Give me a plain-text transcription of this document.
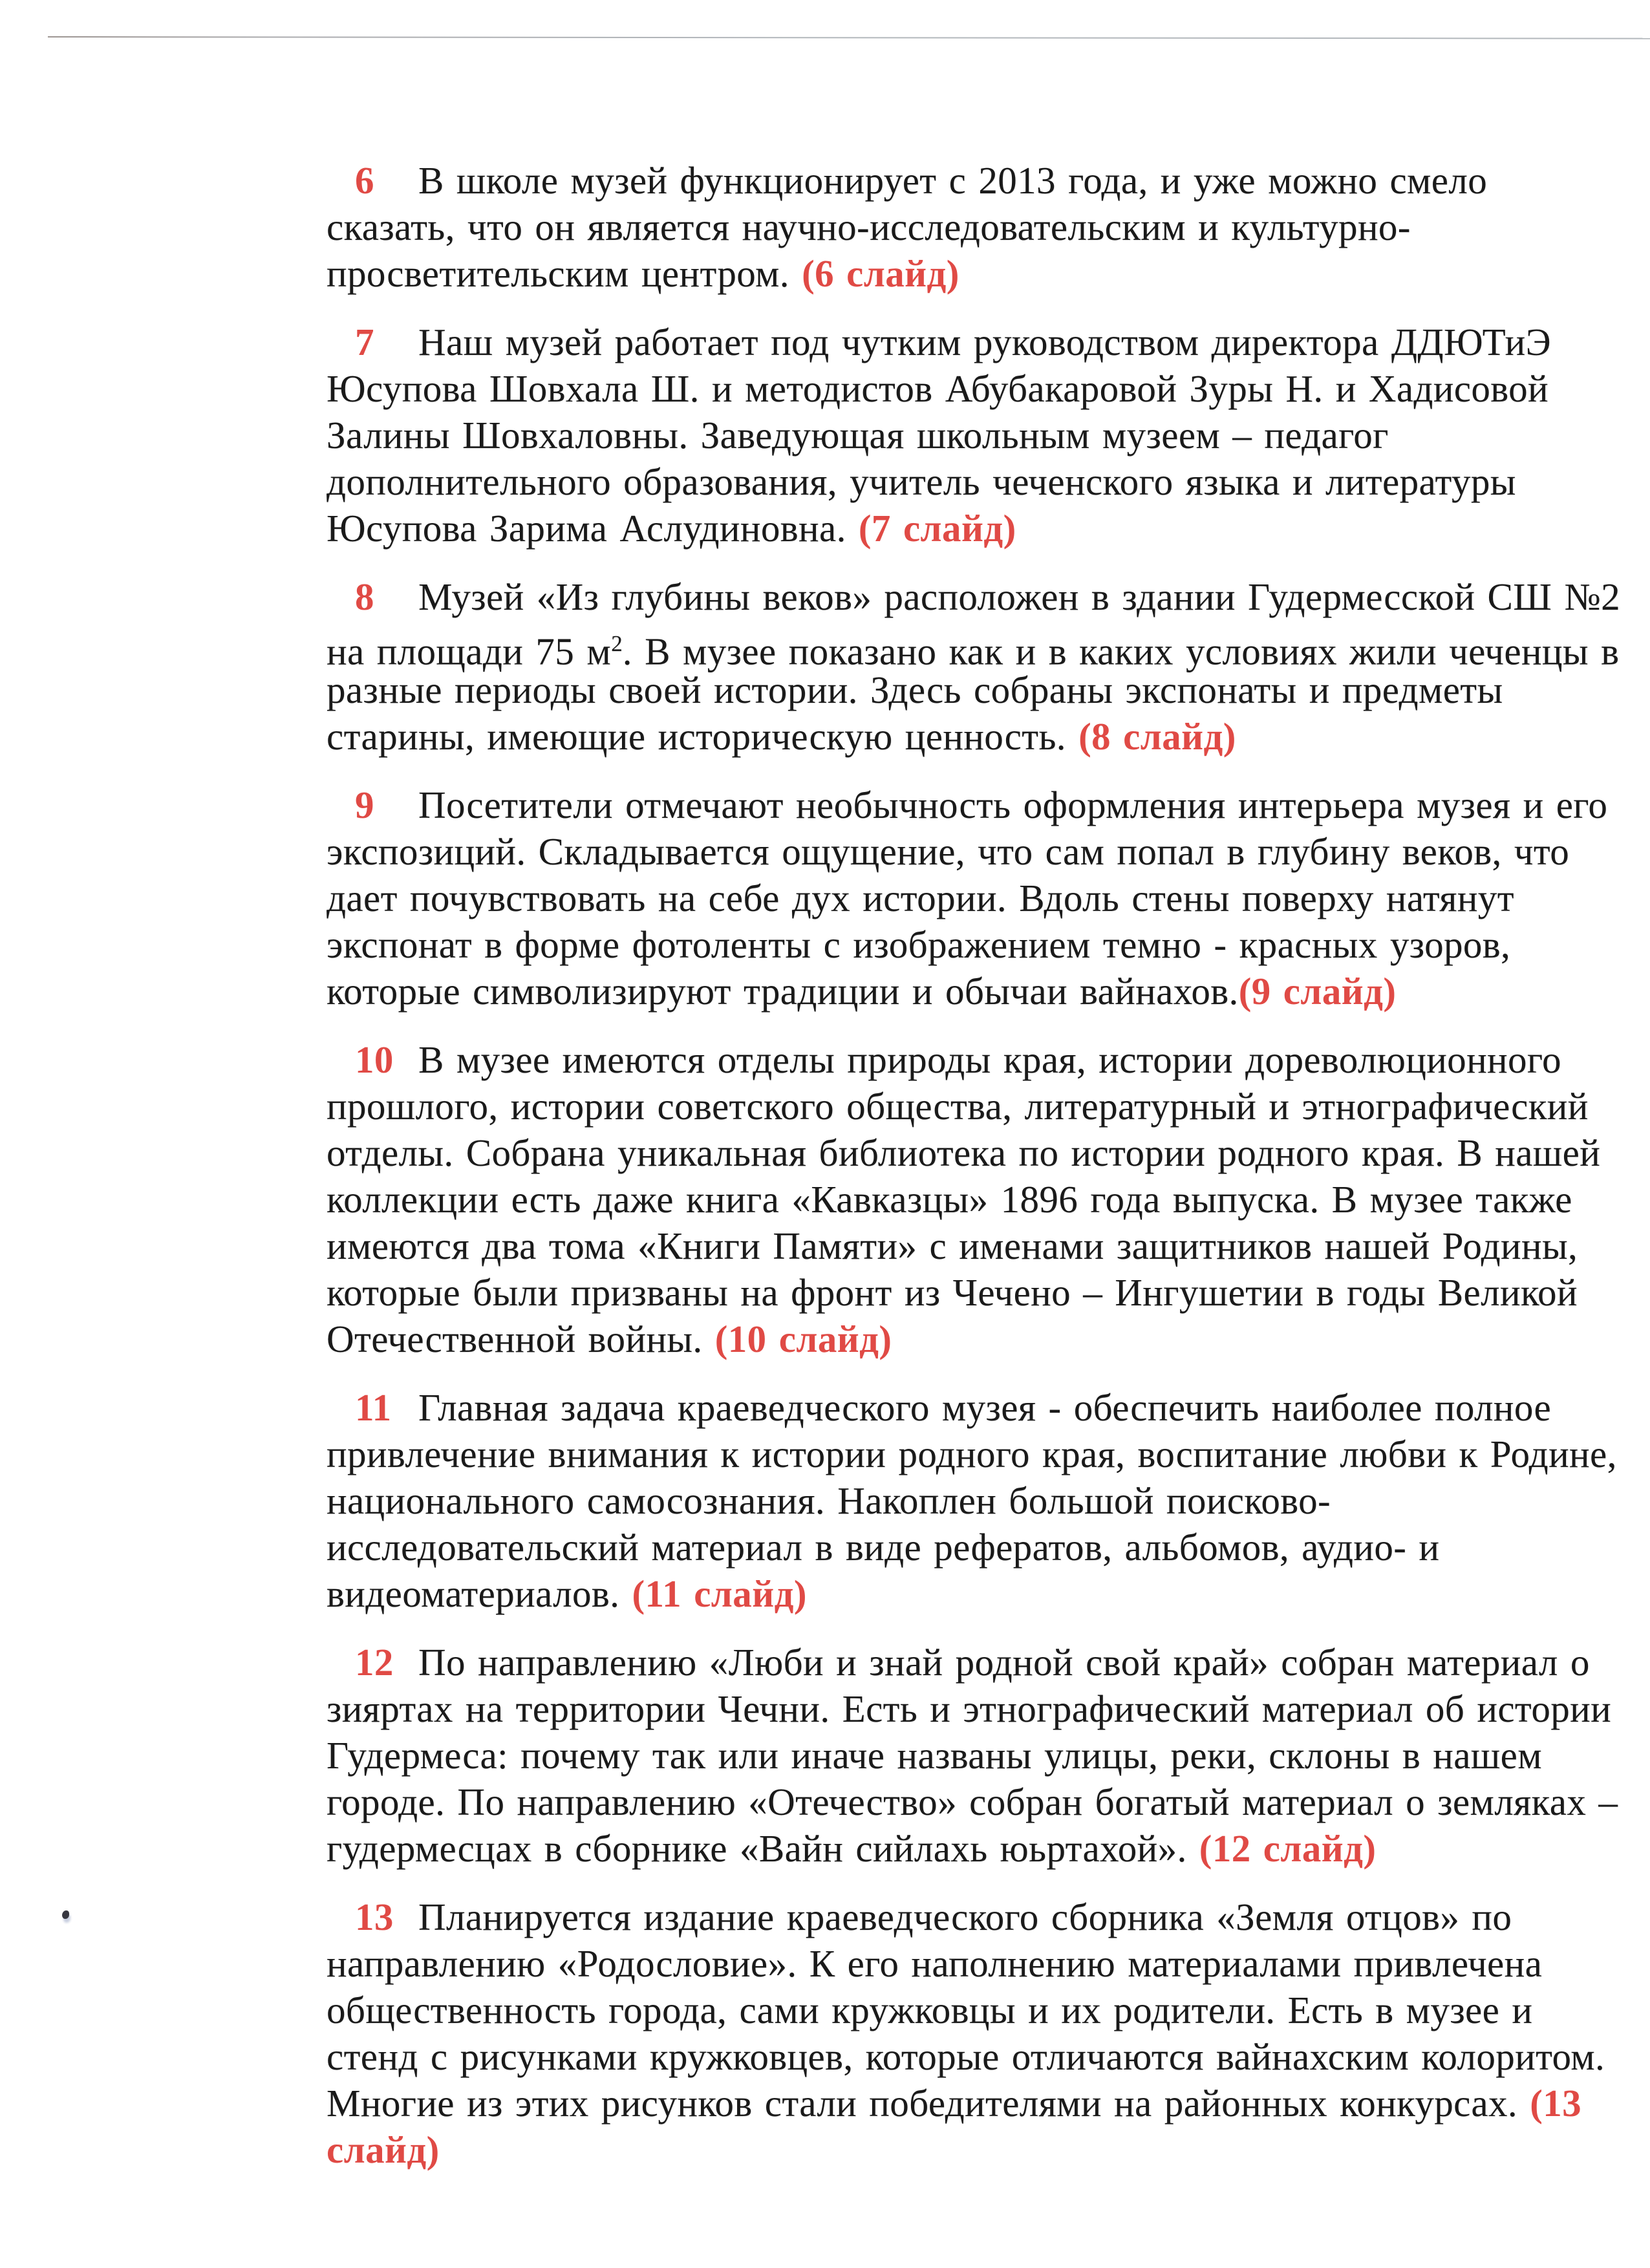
6 В школе музей функционирует с 2013 года, и уже можно смело
сказать, что он является научно-исследовательским и культурно-
просветительским центром. (6 слайд)
7 Наш музей работает под чутким руководством директора ДДЮТиЭ
Юсупова Шовхала Ш. и методистов Абубакаровой Зуры Н. и Хадисовой
Залины Шовхаловны. Заведующая школьным музеем – педагог
дополнительного образования, учитель чеченского языка и литературы
Юсупова Зарима Аслудиновна. (7 слайд)
8 Музей «Из глубины веков» расположен в здании Гудермесской СШ №2
на площади 75 $м^2$. В музее показано как и в каких условиях жили чеченцы в
разные периоды своей истории. Здесь собраны экспонаты и предметы
старины, имеющие историческую ценность. (8 слайд)
9 Посетители отмечают необычность оформления интерьера музея и его
экспозиций. Складывается ощущение, что сам попал в глубину веков, что
дает почувствовать на себе дух истории. Вдоль стены поверху натянут
экспонат в форме фотоленты с изображением темно - красных узоров,
которые символизируют традиции и обычаи вайнахов.(9 слайд)
10 В музее имеются отделы природы края, истории дореволюционного
прошлого, истории советского общества, литературный и этнографический
отделы. Собрана уникальная библиотека по истории родного края. В нашей
коллекции есть даже книга «Кавказцы» 1896 года выпуска. В музее также
имеются два тома «Книги Памяти» с именами защитников нашей Родины,
которые были призваны на фронт из Чечено – Ингушетии в годы Великой
Отечественной войны. (10 слайд)
11 Главная задача краеведческого музея - обеспечить наиболее полное
привлечение внимания к истории родного края, воспитание любви к Родине,
национального самосознания. Накоплен большой поисково-
исследовательский материал в виде рефератов, альбомов, аудио- и
видеоматериалов. (11 слайд)
12 По направлению «Люби и знай родной свой край» собран материал о
зияртах на территории Чечни. Есть и этнографический материал об истории
Гудермеса: почему так или иначе названы улицы, реки, склоны в нашем
городе. По направлению «Отечество» собран богатый материал о земляках –
гудермесцах в сборнике «Вайн сийлахь юьртахой». (12 слайд)
13 Планируется издание краеведческого сборника «Земля отцов» по
направлению «Родословие». К его наполнению материалами привлечена
общественность города, сами кружковцы и их родители. Есть в музее и
стенд с рисунками кружковцев, которые отличаются вайнахским колоритом.
Многие из этих рисунков стали победителями на районных конкурсах. (13
слайд)
